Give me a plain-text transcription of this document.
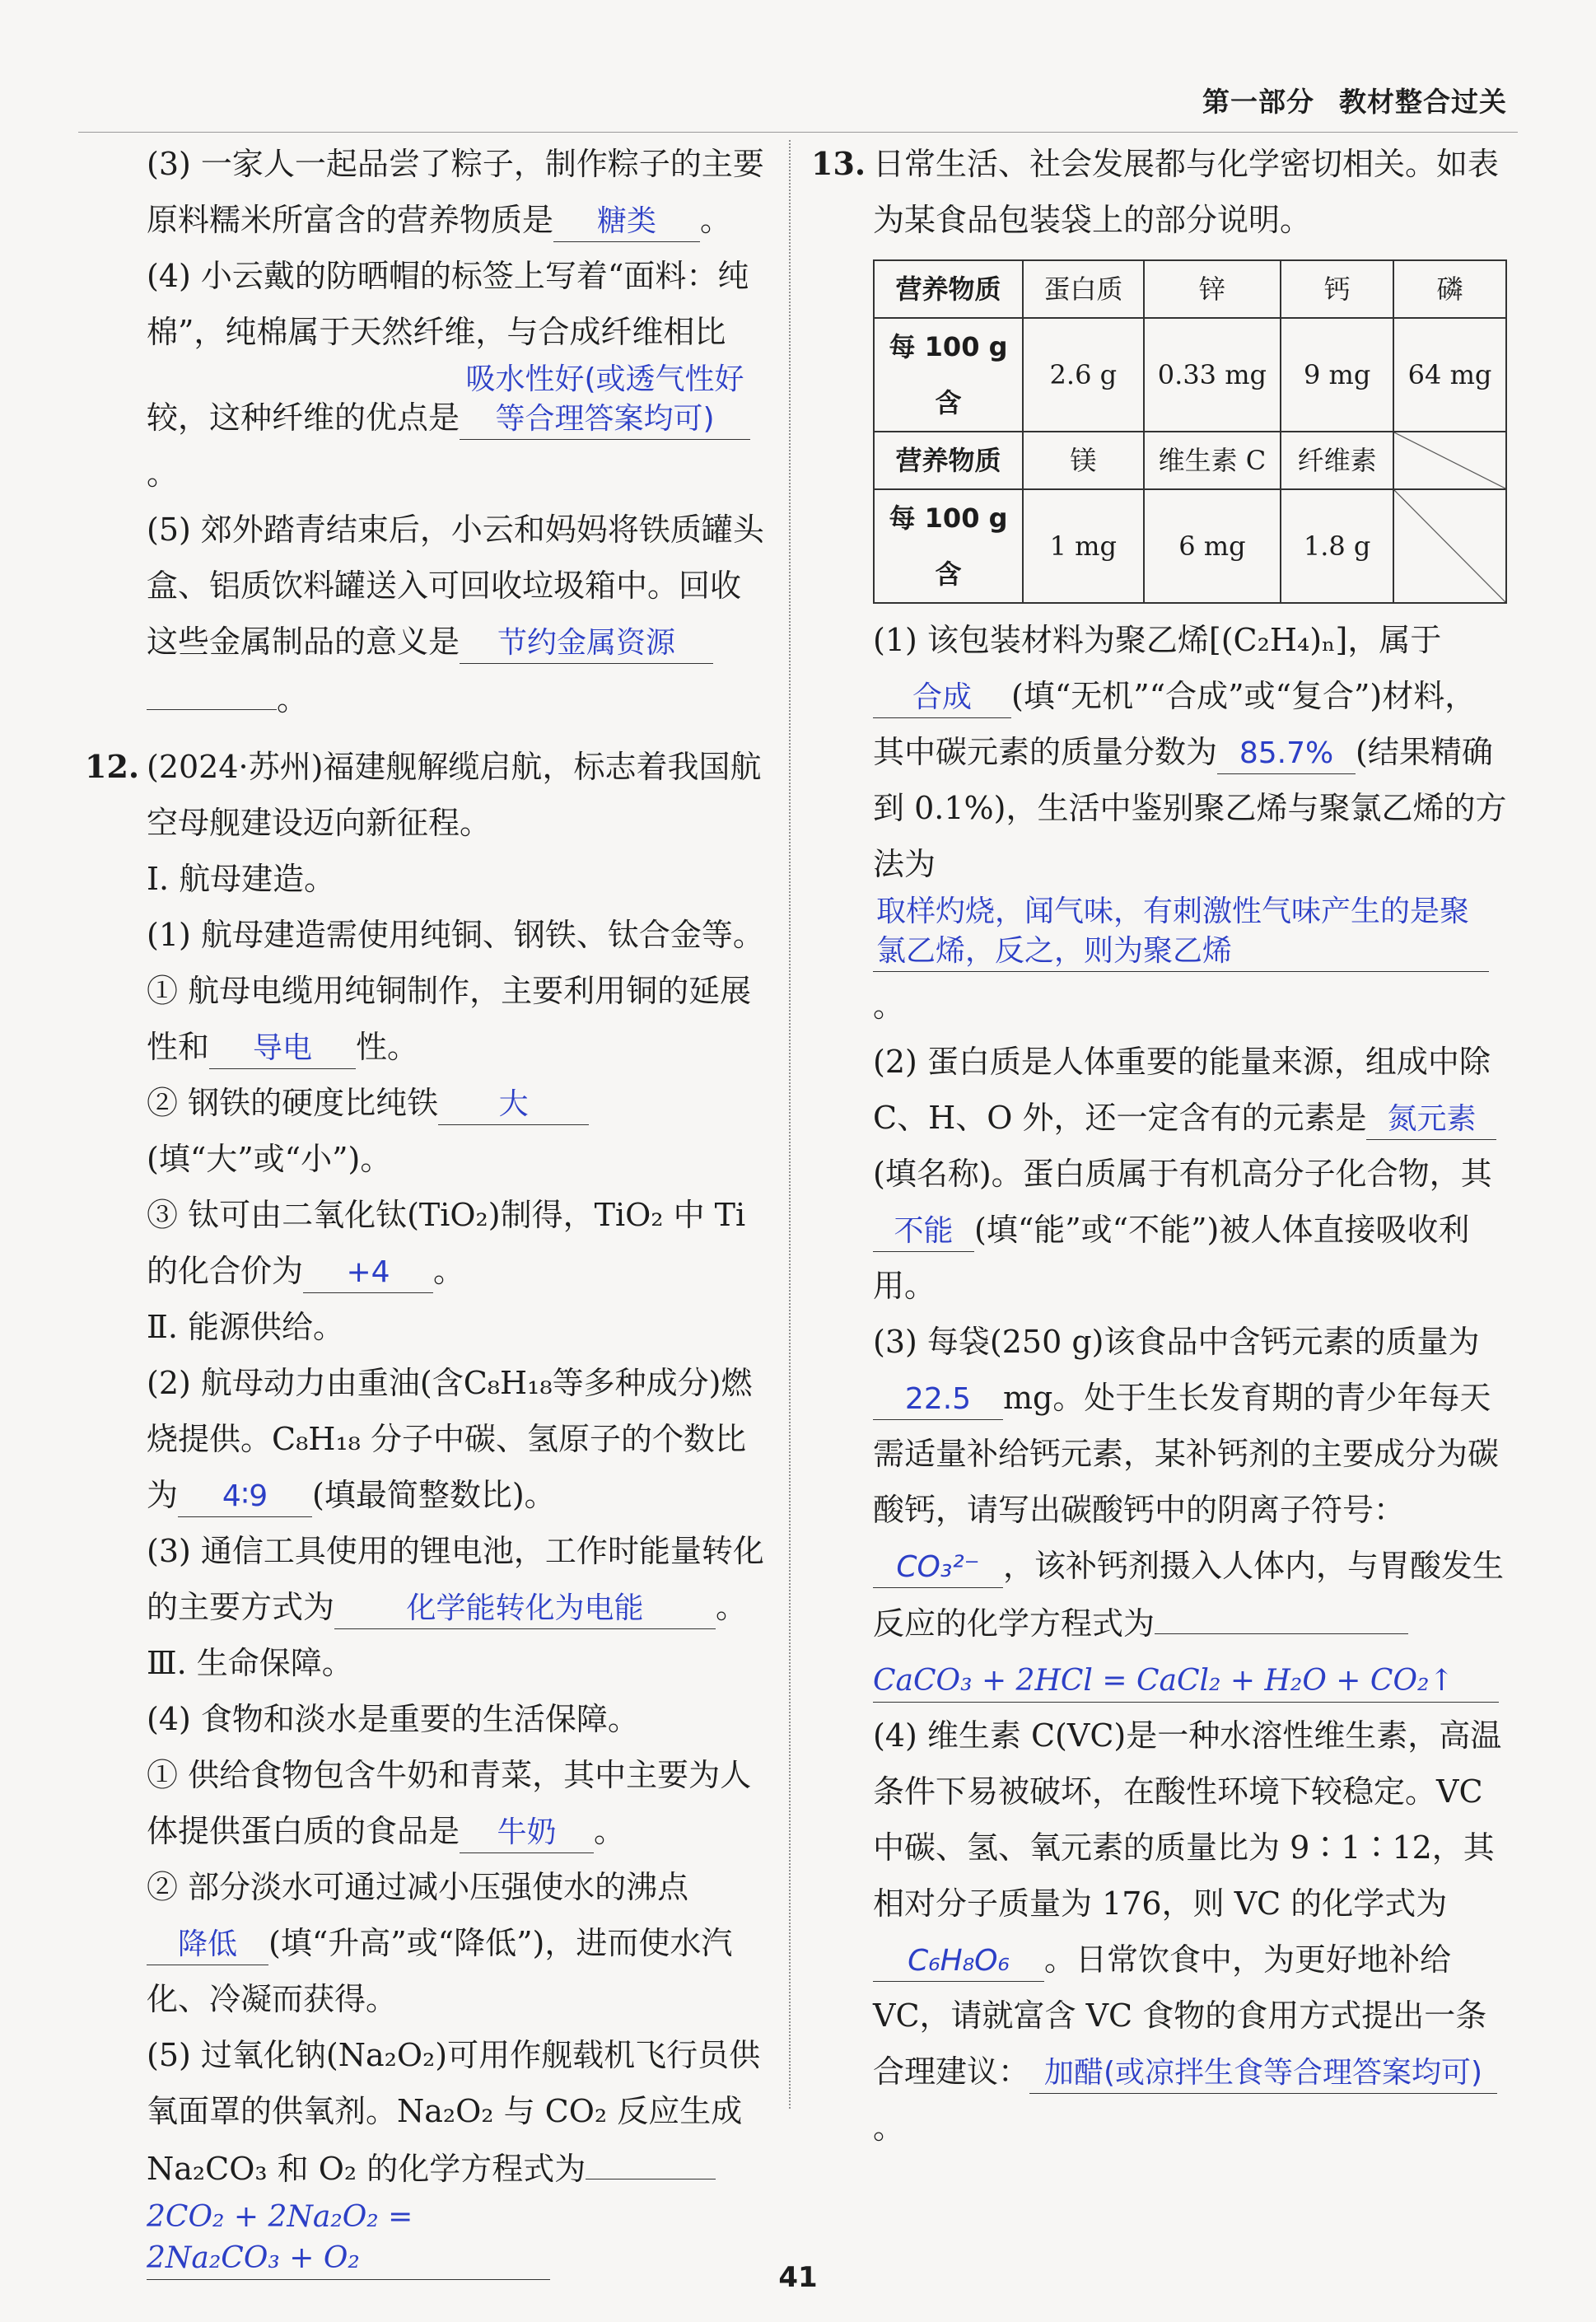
第一部分 教材整合过关

(3) 一家人一起品尝了粽子，制作粽子的主要原料糯米所富含的营养物质是 糖类 。

(4) 小云戴的防晒帽的标签上写着“面料：纯棉”，纯棉属于天然纤维，与合成纤维相比较，这种纤维的优点是吸水性好(或透气性好等合理答案均可)。

(5) 郊外踏青结束后，小云和妈妈将铁质罐头盒、铝质饮料罐送入可回收垃圾箱中。回收这些金属制品的意义是 节约金属资源。

12. (2024·苏州)福建舰解缆启航，标志着我国航空母舰建设迈向新征程。

Ⅰ. 航母建造。

(1) 航母建造需使用纯铜、钢铁、钛合金等。

① 航母电缆用纯铜制作，主要利用铜的延展性和 导电 性。

② 钢铁的硬度比纯铁 大(填“大”或“小”)。

③ 钛可由二氧化钛(TiO₂)制得，TiO₂ 中 Ti 的化合价为 +4 。

Ⅱ. 能源供给。

(2) 航母动力由重油(含C₈H₁₈等多种成分)燃烧提供。C₈H₁₈ 分子中碳、氢原子的个数比为 4∶9 (填最简整数比)。

(3) 通信工具使用的锂电池，工作时能量转化的主要方式为 化学能转化为电能 。

Ⅲ. 生命保障。

(4) 食物和淡水是重要的生活保障。

① 供给食物包含牛奶和青菜，其中主要为人体提供蛋白质的食品是 牛奶 。

② 部分淡水可通过减小压强使水的沸点降低 (填“升高”或“降低”)，进而使水汽化、冷凝而获得。

(5) 过氧化钠(Na₂O₂)可用作舰载机飞行员供氧面罩的供氧剂。Na₂O₂ 与 CO₂ 反应生成 Na₂CO₃ 和 O₂ 的化学方程式为

2CO₂ + 2Na₂O₂ = 2Na₂CO₃ + O₂

13. 日常生活、社会发展都与化学密切相关。如表为某食品包装袋上的部分说明。

营养物质	蛋白质	锌	钙	磷
每 100 g 含	2.6 g	0.33 mg	9 mg	64 mg
营养物质	镁	维生素 C	纤维素	
每 100 g 含	1 mg	6 mg	1.8 g	

(1) 该包装材料为聚乙烯[(C₂H₄)ₙ]，属于合成 (填“无机”“合成”或“复合”)材料，其中碳元素的质量分数为 85.7% (结果精确到 0.1%)，生活中鉴别聚乙烯与聚氯乙烯的方法为取样灼烧，闻气味，有刺激性气味产生的是聚氯乙烯，反之，则为聚乙烯。

(2) 蛋白质是人体重要的能量来源，组成中除 C、H、O 外，还一定含有的元素是 氮元素(填名称)。蛋白质属于有机高分子化合物，其不能 (填“能”或“不能”)被人体直接吸收利用。

(3) 每袋(250 g)该食品中含钙元素的质量为22.5 mg。处于生长发育期的青少年每天需适量补给钙元素，某补钙剂的主要成分为碳酸钙，请写出碳酸钙中的阴离子符号：CO₃²⁻ ，该补钙剂摄入人体内，与胃酸发生反应的化学方程式为

CaCO₃ + 2HCl = CaCl₂ + H₂O + CO₂↑

(4) 维生素 C(VC)是一种水溶性维生素，高温条件下易被破坏，在酸性环境下较稳定。VC 中碳、氢、氧元素的质量比为 9∶1∶12，其相对分子质量为 176，则 VC 的化学式为C₆H₈O₆ 。日常饮食中，为更好地补给VC，请就富含 VC 食物的食用方式提出一条合理建议： 加醋(或凉拌生食等合理答案均可)。

41
